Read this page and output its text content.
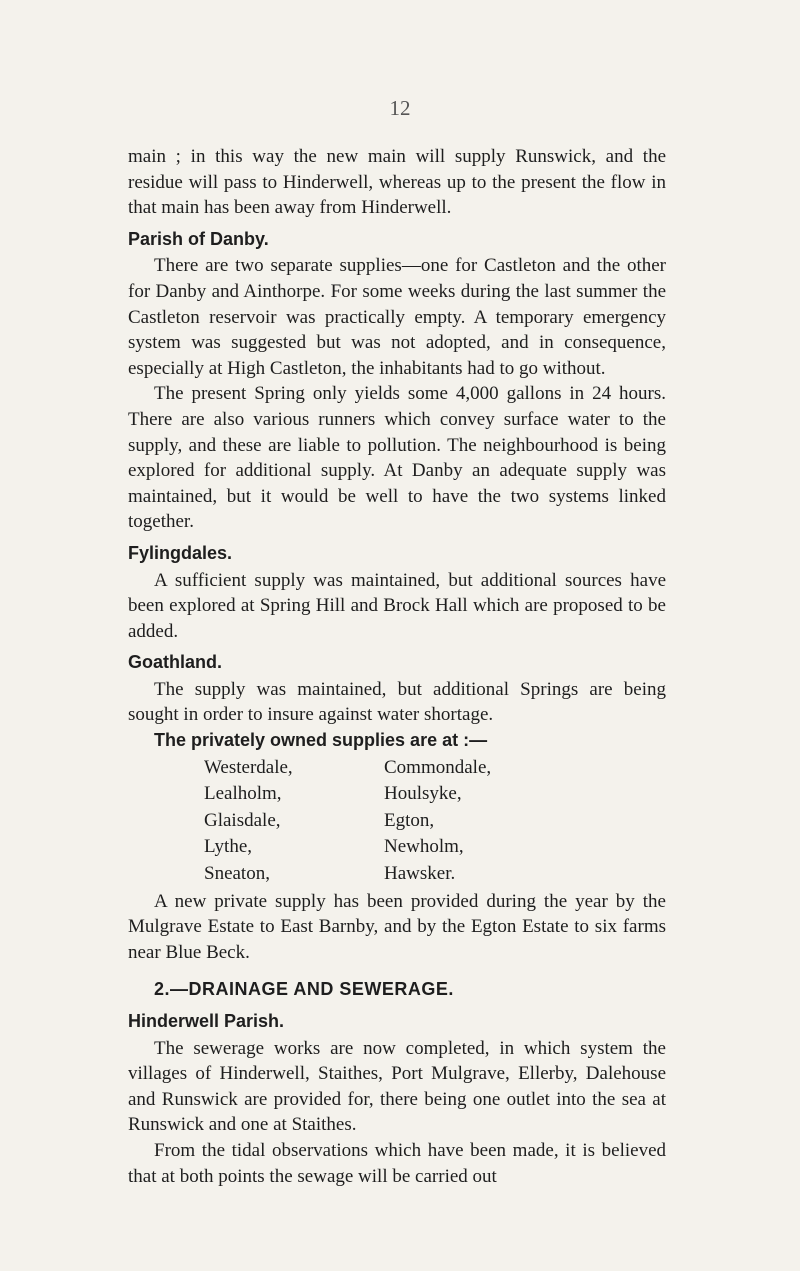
12

main ; in this way the new main will supply Runswick, and the residue will pass to Hinderwell, whereas up to the present the flow in that main has been away from Hinderwell.

Parish of Danby.

There are two separate supplies—one for Castleton and the other for Danby and Ainthorpe. For some weeks during the last summer the Castleton reservoir was practically empty. A temporary emergency system was suggested but was not adopted, and in consequence, especially at High Castleton, the inhabitants had to go without.

The present Spring only yields some 4,000 gallons in 24 hours. There are also various runners which convey surface water to the supply, and these are liable to pollution. The neighbourhood is being explored for additional supply. At Danby an adequate supply was maintained, but it would be well to have the two systems linked together.

Fylingdales.

A sufficient supply was maintained, but additional sources have been explored at Spring Hill and Brock Hall which are proposed to be added.

Goathland.

The supply was maintained, but additional Springs are being sought in order to insure against water shortage.

The privately owned supplies are at :—
Westerdale,	Commondale,
Lealholm,	Houlsyke,
Glaisdale,	Egton,
Lythe,	Newholm,
Sneaton,	Hawsker.

A new private supply has been provided during the year by the Mulgrave Estate to East Barnby, and by the Egton Estate to six farms near Blue Beck.

2.—DRAINAGE AND SEWERAGE.
Hinderwell Parish.

The sewerage works are now completed, in which system the villages of Hinderwell, Staithes, Port Mulgrave, Ellerby, Dalehouse and Runswick are provided for, there being one outlet into the sea at Runswick and one at Staithes.

From the tidal observations which have been made, it is believed that at both points the sewage will be carried out
